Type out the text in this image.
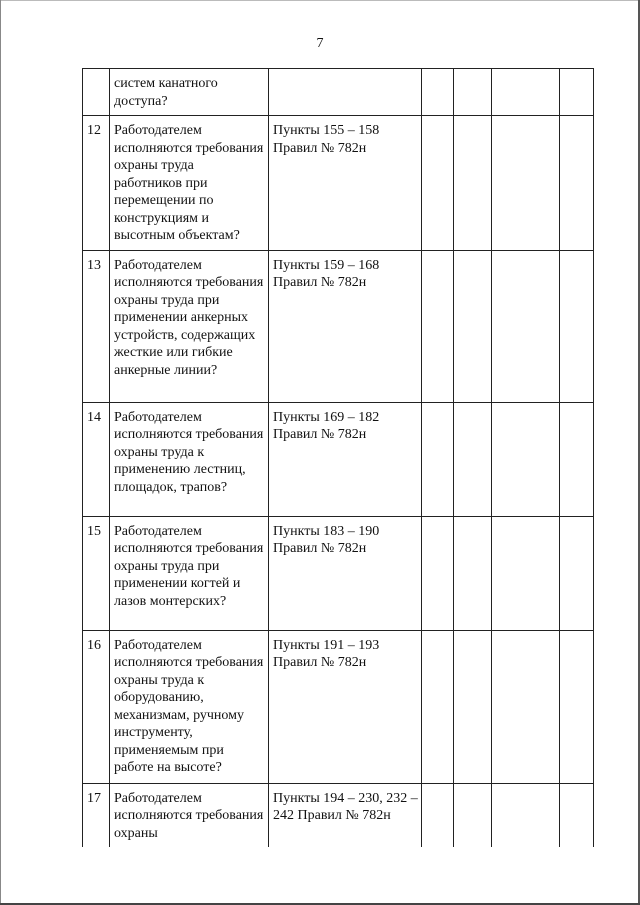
7
	систем канатного доступа?					
12	Работодателем исполняются требования охраны труда работников при перемещении по конструкциям и высотным объектам?	Пункты 155 – 158 Правил № 782н				
13	Работодателем исполняются требования охраны труда при применении анкерных устройств, содержащих жесткие или гибкие анкерные линии?	Пункты 159 – 168 Правил № 782н				
14	Работодателем исполняются требования охраны труда к применению лестниц, площадок, трапов?	Пункты 169 – 182 Правил № 782н				
15	Работодателем исполняются требования охраны труда при применении когтей и лазов монтерских?	Пункты 183 – 190 Правил № 782н				
16	Работодателем исполняются требования охраны труда к оборудованию, механизмам, ручному инструменту, применяемым при работе на высоте?	Пункты 191 – 193 Правил № 782н				
17	Работодателем исполняются требования охраны	Пункты 194 – 230, 232 – 242 Правил № 782н				
